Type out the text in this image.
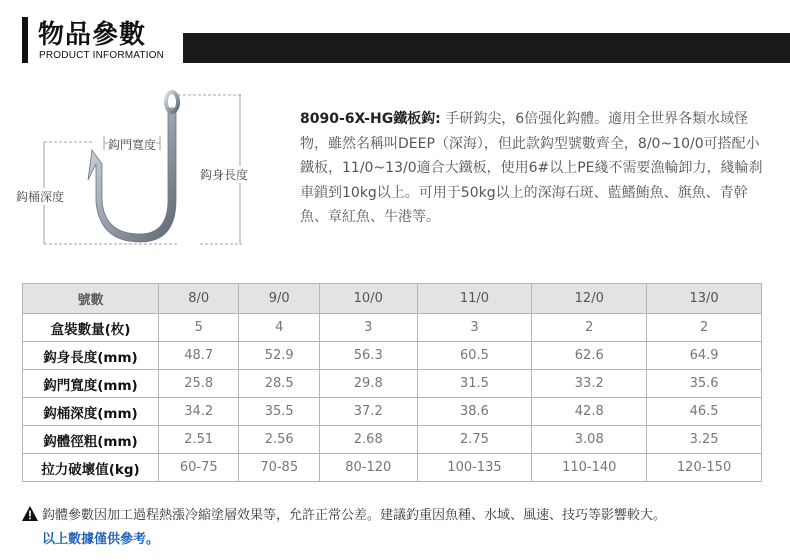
物品參數
PRODUCT INFORMATION
鈎門寬度
鈎身長度
鈎桶深度
8090-6X-HG鐵板鈎: 手研鈎尖，6倍强化鈎體。適用全世界各類水域怪物，雖然名稱叫DEEP（深海），但此款鈎型號數齊全，8/0~10/0可搭配小鐵板，11/0~13/0適合大鐵板，使用6#以上PE綫不需要漁輪卸力，綫輪刹車鎖到10kg以上。可用于50kg以上的深海石斑、藍鰭鮪魚、旗魚、青幹魚、章紅魚、牛港等。
號數	8/0	9/0	10/0	11/0	12/0	13/0
盒裝數量(枚)	5	4	3	3	2	2
鈎身長度(mm)	48.7	52.9	56.3	60.5	62.6	64.9
鈎門寬度(mm)	25.8	28.5	29.8	31.5	33.2	35.6
鈎桶深度(mm)	34.2	35.5	37.2	38.6	42.8	46.5
鈎體徑粗(mm)	2.51	2.56	2.68	2.75	3.08	3.25
拉力破壞值(kg)	60-75	70-85	80-120	100-135	110-140	120-150
鈎體參數因加工過程熱漲冷縮塗層效果等，允許正常公差。建議釣重因魚種、水域、風速、技巧等影響較大。
以上數據僅供參考。
